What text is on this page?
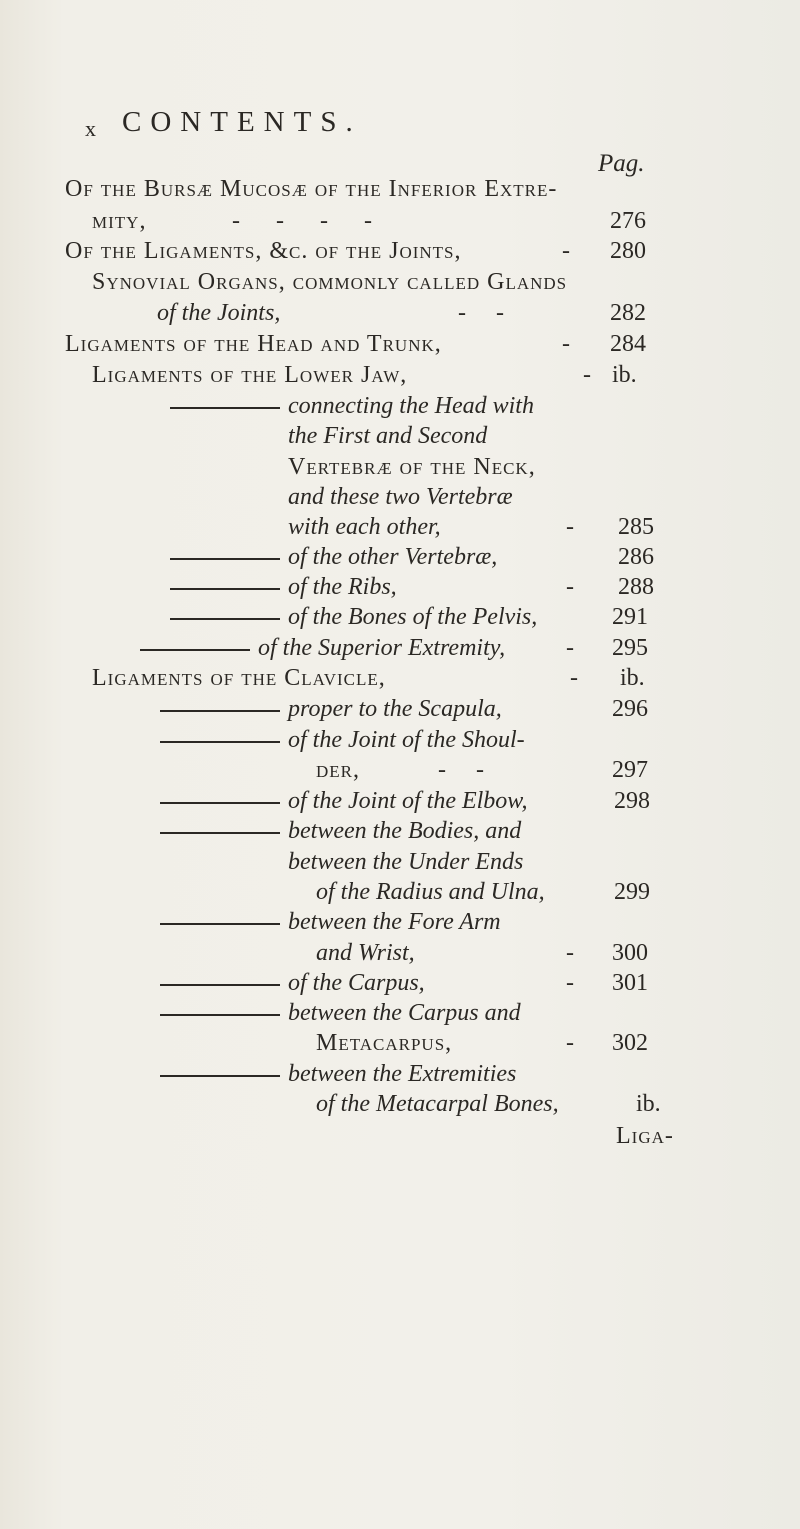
x CONTENTS.
Pag.
Of the Bursæ Mucosæ of the Inferior Extre-
mity,	-      -      -      -	276
Of the Ligaments, &c. of the Joints,	- 280
Synovial Organs, commonly called Glands
of the Joints,	-     -	282
Ligaments of the Head and Trunk,	- 284
Ligaments of the Lower Jaw,	- ib.
connecting the Head with
the First and Second
Vertebræ of the Neck,
and these two Vertebræ
with each other,	- 285
of the other Vertebræ,	286
of the Ribs,	- 288
of the Bones of the Pelvis,	291
of the Superior Extremity,	- 295
Ligaments of the Clavicle,	- ib.
proper to the Scapula,	296
of the Joint of the Shoul-
der,	-     -	297
of the Joint of the Elbow,	298
between the Bodies, and
between the Under Ends
of the Radius and Ulna,	299
between the Fore Arm
and Wrist,	- 300
of the Carpus,	- 301
between the Carpus and
Metacarpus,	- 302
between the Extremities
of the Metacarpal Bones,	ib.
Liga-
